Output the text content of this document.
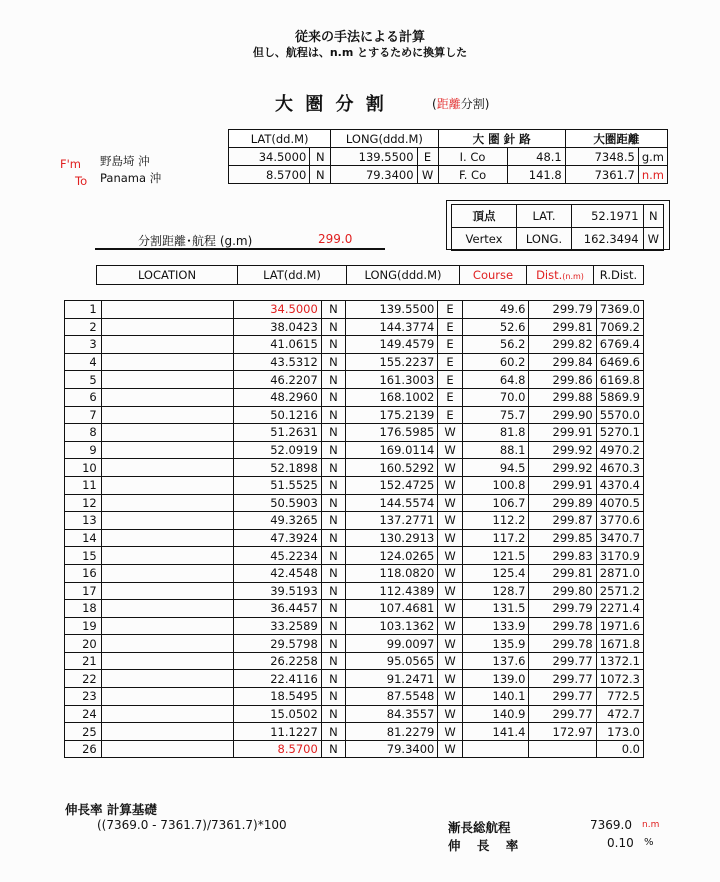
従来の手法による計算
但し、航程は、n.m とするために換算した
大 圏 分 割	(距離分割)
F'm	野島埼 沖
To Panama 沖
LAT(dd.M)		LONG(ddd.M)		大 圏 針 路		大圏距離	
34.5000	N	139.5500	E	I. Co	48.1	7348.5	g.m
8.5700	N	79.3400	W	F. Co	141.8	7361.7	n.m
頂点	LAT.	52.1971	N
Vertex	LONG.	162.3494	W
分割距離･航程 (g.m)	299.0
LOCATION	LAT(dd.M)	LONG(ddd.M)	Course	Dist.(n.m)	R.Dist.
1		34.5000	N	139.5500	E	49.6	299.79	7369.0
2		38.0423	N	144.3774	E	52.6	299.81	7069.2
3		41.0615	N	149.4579	E	56.2	299.82	6769.4
4		43.5312	N	155.2237	E	60.2	299.84	6469.6
5		46.2207	N	161.3003	E	64.8	299.86	6169.8
6		48.2960	N	168.1002	E	70.0	299.88	5869.9
7		50.1216	N	175.2139	E	75.7	299.90	5570.0
8		51.2631	N	176.5985	W	81.8	299.91	5270.1
9		52.0919	N	169.0114	W	88.1	299.92	4970.2
10		52.1898	N	160.5292	W	94.5	299.92	4670.3
11		51.5525	N	152.4725	W	100.8	299.91	4370.4
12		50.5903	N	144.5574	W	106.7	299.89	4070.5
13		49.3265	N	137.2771	W	112.2	299.87	3770.6
14		47.3924	N	130.2913	W	117.2	299.85	3470.7
15		45.2234	N	124.0265	W	121.5	299.83	3170.9
16		42.4548	N	118.0820	W	125.4	299.81	2871.0
17		39.5193	N	112.4389	W	128.7	299.80	2571.2
18		36.4457	N	107.4681	W	131.5	299.79	2271.4
19		33.2589	N	103.1362	W	133.9	299.78	1971.6
20		29.5798	N	99.0097	W	135.9	299.78	1671.8
21		26.2258	N	95.0565	W	137.6	299.77	1372.1
22		22.4116	N	91.2471	W	139.0	299.77	1072.3
23		18.5495	N	87.5548	W	140.1	299.77	772.5
24		15.0502	N	84.3557	W	140.9	299.77	472.7
25		11.1227	N	81.2279	W	141.4	172.97	173.0
26		8.5700	N	79.3400	W			0.0
伸長率 計算基礎
((7369.0 - 7361.7)/7361.7)*100	漸長総航程	7369.0 n.m
伸 長 率	0.10 %
